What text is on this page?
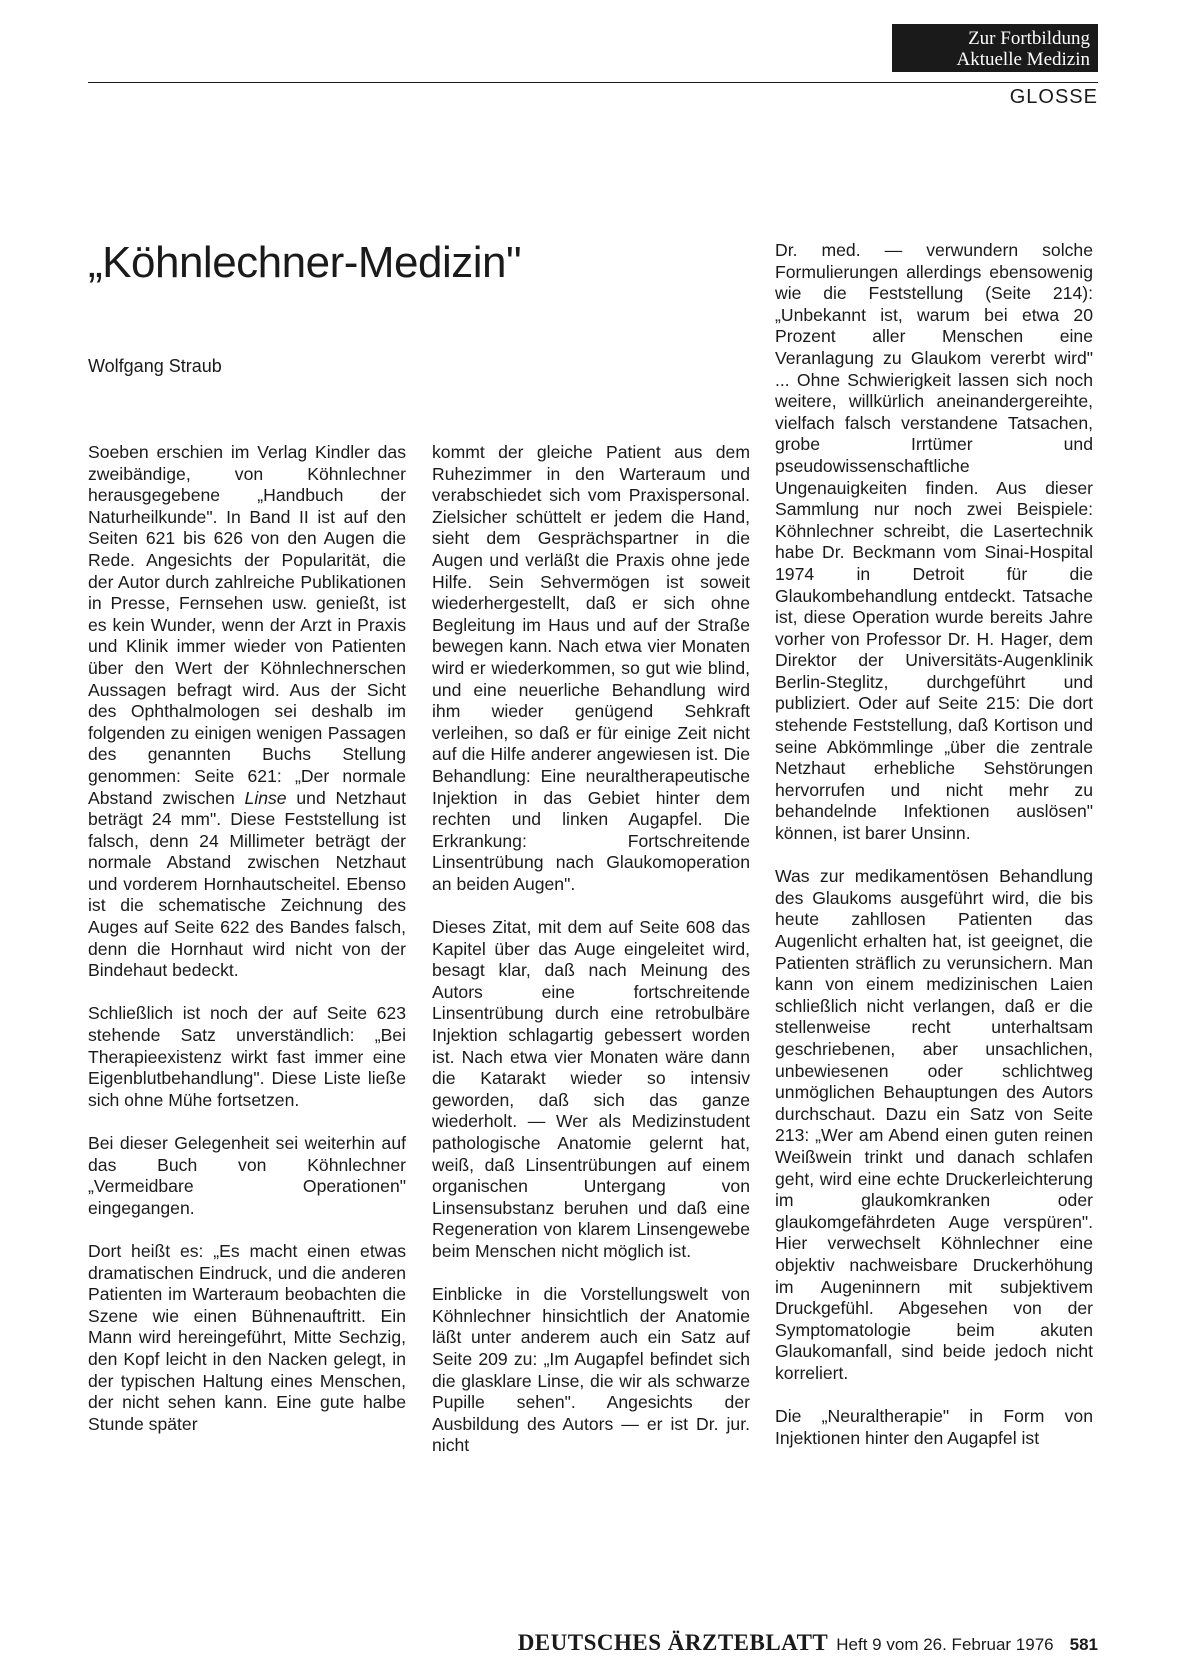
Zur Fortbildung
Aktuelle Medizin
GLOSSE
„Köhnlechner-Medizin"
Wolfgang Straub

Soeben erschien im Verlag Kindler das zweibändige, von Köhnlechner herausgegebene „Handbuch der Naturheilkunde". In Band II ist auf den Seiten 621 bis 626 von den Augen die Rede. Angesichts der Popularität, die der Autor durch zahlreiche Publikationen in Presse, Fernsehen usw. genießt, ist es kein Wunder, wenn der Arzt in Praxis und Klinik immer wieder von Patienten über den Wert der Köhnlechnerschen Aussagen befragt wird. Aus der Sicht des Ophthalmologen sei deshalb im folgenden zu einigen wenigen Passagen des genannten Buchs Stellung genommen: Seite 621: „Der normale Abstand zwischen Linse und Netzhaut beträgt 24 mm". Diese Feststellung ist falsch, denn 24 Millimeter beträgt der normale Abstand zwischen Netzhaut und vorderem Hornhautscheitel. Ebenso ist die schematische Zeichnung des Auges auf Seite 622 des Bandes falsch, denn die Hornhaut wird nicht von der Bindehaut bedeckt.

Schließlich ist noch der auf Seite 623 stehende Satz unverständlich: „Bei Therapieexistenz wirkt fast immer eine Eigenblutbehandlung". Diese Liste ließe sich ohne Mühe fortsetzen.

Bei dieser Gelegenheit sei weiterhin auf das Buch von Köhnlechner „Vermeidbare Operationen" eingegangen.

Dort heißt es: „Es macht einen etwas dramatischen Eindruck, und die anderen Patienten im Warteraum beobachten die Szene wie einen Bühnenauftritt. Ein Mann wird hereingeführt, Mitte Sechzig, den Kopf leicht in den Nacken gelegt, in der typischen Haltung eines Menschen, der nicht sehen kann. Eine gute halbe Stunde später

kommt der gleiche Patient aus dem Ruhezimmer in den Warteraum und verabschiedet sich vom Praxispersonal. Zielsicher schüttelt er jedem die Hand, sieht dem Gesprächspartner in die Augen und verläßt die Praxis ohne jede Hilfe. Sein Sehvermögen ist soweit wiederhergestellt, daß er sich ohne Begleitung im Haus und auf der Straße bewegen kann. Nach etwa vier Monaten wird er wiederkommen, so gut wie blind, und eine neuerliche Behandlung wird ihm wieder genügend Sehkraft verleihen, so daß er für einige Zeit nicht auf die Hilfe anderer angewiesen ist. Die Behandlung: Eine neuraltherapeutische Injektion in das Gebiet hinter dem rechten und linken Augapfel. Die Erkrankung: Fortschreitende Linsentrübung nach Glaukomoperation an beiden Augen".

Dieses Zitat, mit dem auf Seite 608 das Kapitel über das Auge eingeleitet wird, besagt klar, daß nach Meinung des Autors eine fortschreitende Linsentrübung durch eine retrobulbäre Injektion schlagartig gebessert worden ist. Nach etwa vier Monaten wäre dann die Katarakt wieder so intensiv geworden, daß sich das ganze wiederholt. — Wer als Medizinstudent pathologische Anatomie gelernt hat, weiß, daß Linsentrübungen auf einem organischen Untergang von Linsensubstanz beruhen und daß eine Regeneration von klarem Linsengewebe beim Menschen nicht möglich ist.

Einblicke in die Vorstellungswelt von Köhnlechner hinsichtlich der Anatomie läßt unter anderem auch ein Satz auf Seite 209 zu: „Im Augapfel befindet sich die glasklare Linse, die wir als schwarze Pupille sehen". Angesichts der Ausbildung des Autors — er ist Dr. jur. nicht

Dr. med. — verwundern solche Formulierungen allerdings ebensowenig wie die Feststellung (Seite 214): „Unbekannt ist, warum bei etwa 20 Prozent aller Menschen eine Veranlagung zu Glaukom vererbt wird" ... Ohne Schwierigkeit lassen sich noch weitere, willkürlich aneinandergereihte, vielfach falsch verstandene Tatsachen, grobe Irrtümer und pseudowissenschaftliche Ungenauigkeiten finden. Aus dieser Sammlung nur noch zwei Beispiele: Köhnlechner schreibt, die Lasertechnik habe Dr. Beckmann vom Sinai-Hospital 1974 in Detroit für die Glaukombehandlung entdeckt. Tatsache ist, diese Operation wurde bereits Jahre vorher von Professor Dr. H. Hager, dem Direktor der Universitäts-Augenklinik Berlin-Steglitz, durchgeführt und publiziert. Oder auf Seite 215: Die dort stehende Feststellung, daß Kortison und seine Abkömmlinge „über die zentrale Netzhaut erhebliche Sehstörungen hervorrufen und nicht mehr zu behandelnde Infektionen auslösen" können, ist barer Unsinn.

Was zur medikamentösen Behandlung des Glaukoms ausgeführt wird, die bis heute zahllosen Patienten das Augenlicht erhalten hat, ist geeignet, die Patienten sträflich zu verunsichern. Man kann von einem medizinischen Laien schließlich nicht verlangen, daß er die stellenweise recht unterhaltsam geschriebenen, aber unsachlichen, unbewiesenen oder schlichtweg unmöglichen Behauptungen des Autors durchschaut. Dazu ein Satz von Seite 213: „Wer am Abend einen guten reinen Weißwein trinkt und danach schlafen geht, wird eine echte Druckerleichterung im glaukomkranken oder glaukomgefährdeten Auge verspüren". Hier verwechselt Köhnlechner eine objektiv nachweisbare Druckerhöhung im Augeninnern mit subjektivem Druckgefühl. Abgesehen von der Symptomatologie beim akuten Glaukomanfall, sind beide jedoch nicht korreliert.

Die „Neuraltherapie" in Form von Injektionen hinter den Augapfel ist

DEUTSCHES ÄRZTEBLATT Heft 9 vom 26. Februar 1976 581
